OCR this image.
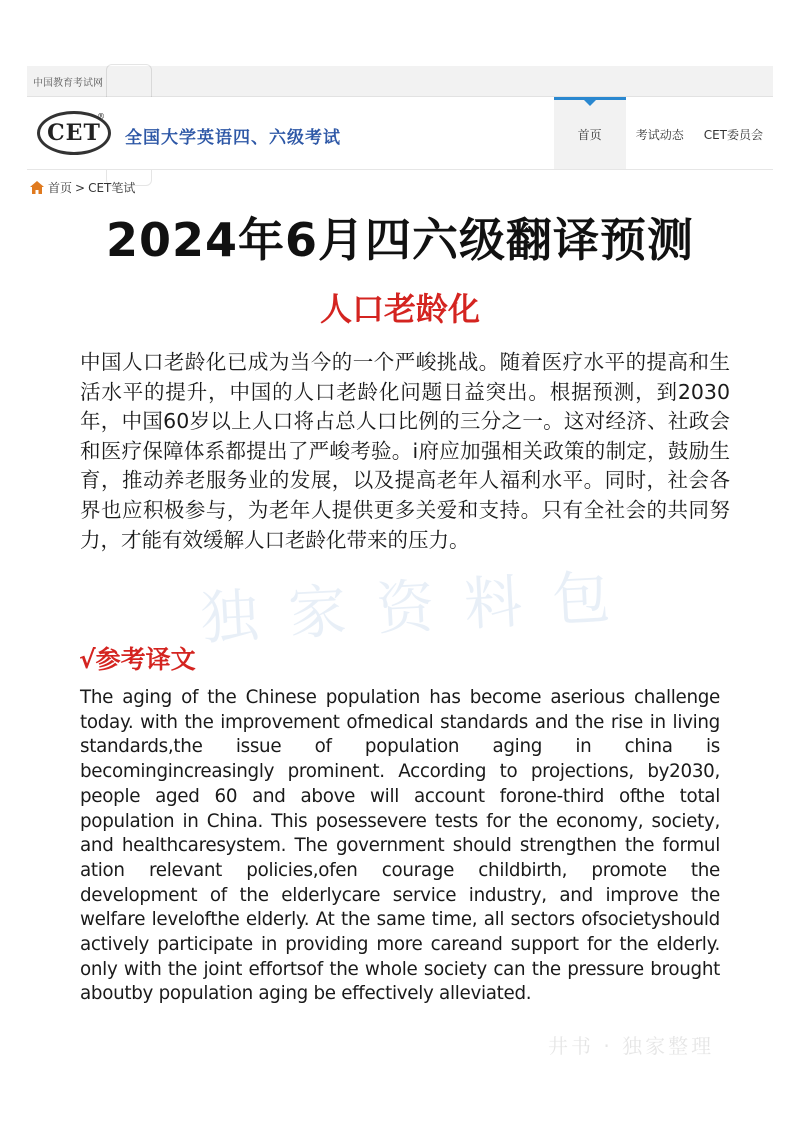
中国教育考试网
CET
®
全国大学英语四、六级考试	首页	考试动态	CET委员会
首页 > CET笔试
2024年6月四六级翻译预测
人口老龄化
中国人口老龄化已成为当今的一个严峻挑战。随着医疗水平的提高和生活水平的提升，中国的人口老龄化问题日益突出。根据预测，到2030年，中国60岁以上人口将占总人口比例的三分之一。这对经济、社政会和医疗保障体系都提出了严峻考验。i府应加强相关政策的制定，鼓励生育，推动养老服务业的发展，以及提高老年人福利水平。同时，社会各界也应积极参与，为老年人提供更多关爱和支持。只有全社会的共同努力，才能有效缓解人口老龄化带来的压力。
独家资料包
√参考译文
The aging of the Chinese population has become aserious challenge today. with the improvement ofmedical standards and the rise in living standards,the issue of population aging in china is becomingincreasingly prominent. According to projections, by2030, people aged 60 and above will account forone-third ofthe total population in China. This posessevere tests for the economy, society, and healthcaresystem. The government should strengthen the formul ation relevant policies,ofen courage childbirth, promote the development of the elderlycare service industry, and improve the welfare levelofthe elderly. At the same time, all sectors ofsocietyshould actively participate in providing more careand support for the elderly. only with the joint effortsof the whole society can the pressure brought aboutby population aging be effectively alleviated.
井书 · 独家整理
